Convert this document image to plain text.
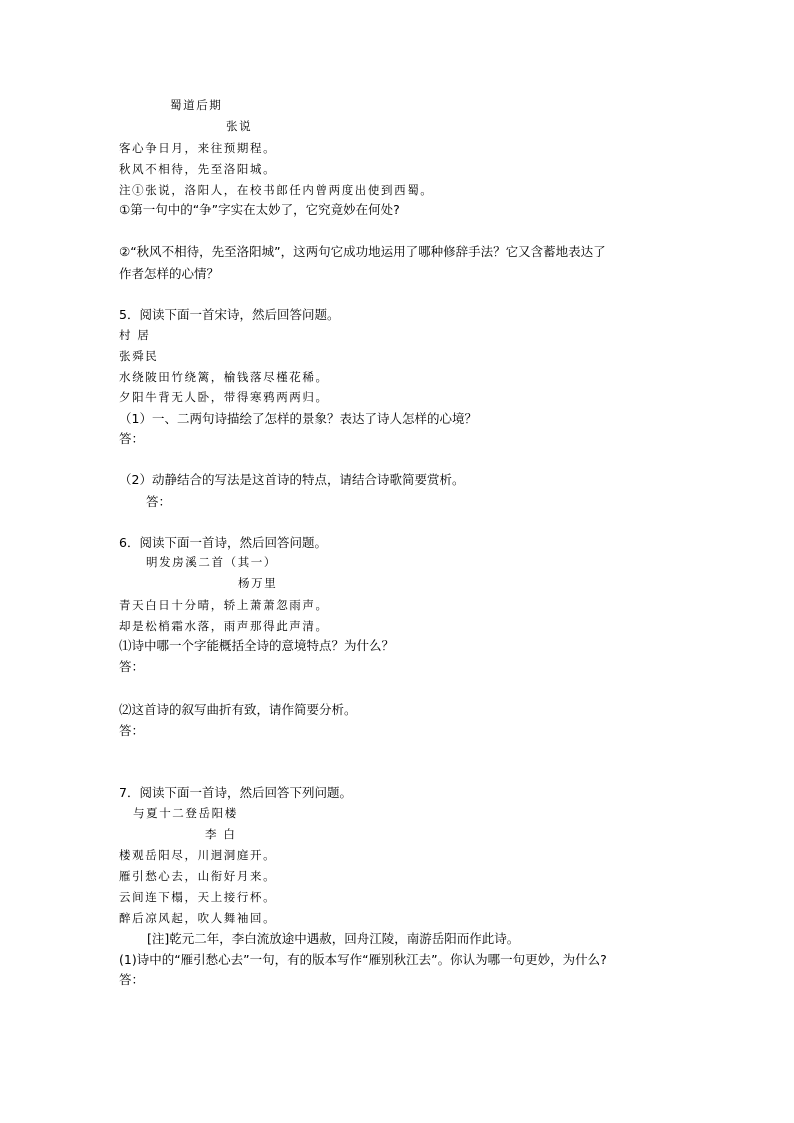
蜀道后期
张说
客心争日月，来往预期程。
秋风不相待，先至洛阳城。
注①张说，洛阳人，在校书郎任内曾两度出使到西蜀。
①第一句中的“争”字实在太妙了，它究竟妙在何处?
②“秋风不相待，先至洛阳城”，这两句它成功地运用了哪种修辞手法？它又含蓄地表达了
作者怎样的心情？
5．阅读下面一首宋诗，然后回答问题。
村 居
张舜民
水绕陂田竹绕篱，榆钱落尽槿花稀。
夕阳牛背无人卧，带得寒鸦两两归。
（1）一、二两句诗描绘了怎样的景象？表达了诗人怎样的心境？
答：
（2）动静结合的写法是这首诗的特点，请结合诗歌简要赏析。
答：
6．阅读下面一首诗，然后回答问题。
明发房溪二首（其一）
杨万里
青天白日十分晴，轿上萧萧忽雨声。
却是松梢霜水落，雨声那得此声清。
⑴诗中哪一个字能概括全诗的意境特点？为什么？
答：
⑵这首诗的叙写曲折有致，请作简要分析。
答：
7．阅读下面一首诗，然后回答下列问题。
与夏十二登岳阳楼
李 白
楼观岳阳尽，川迥洞庭开。
雁引愁心去，山衔好月来。
云间连下榻，天上接行杯。
醉后凉风起，吹人舞袖回。
[注]乾元二年，李白流放途中遇赦，回舟江陵，南游岳阳而作此诗。
(1)诗中的“雁引愁心去”一句，有的版本写作“雁别秋江去”。你认为哪一句更妙，为什么?
答：
